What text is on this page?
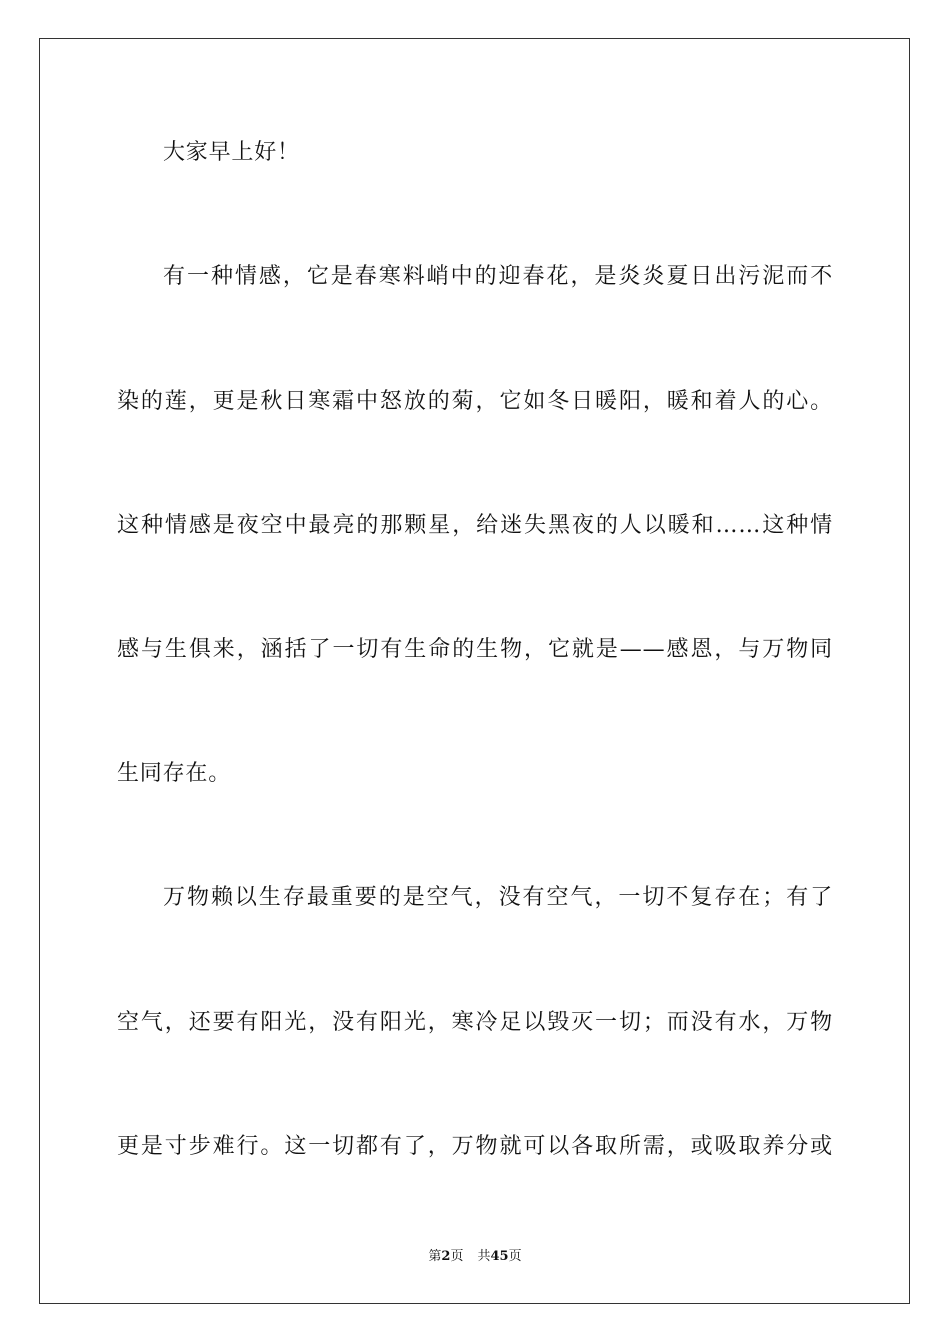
大家早上好！
有一种情感，它是春寒料峭中的迎春花，是炎炎夏日出污泥而不
染的莲，更是秋日寒霜中怒放的菊，它如冬日暖阳，暖和着人的心。
这种情感是夜空中最亮的那颗星，给迷失黑夜的人以暖和……这种情
感与生俱来，涵括了一切有生命的生物，它就是——感恩，与万物同
生同存在。
万物赖以生存最重要的是空气，没有空气，一切不复存在；有了
空气，还要有阳光，没有阳光，寒冷足以毁灭一切；而没有水，万物
更是寸步难行。这一切都有了，万物就可以各取所需，或吸取养分或
第2页 共45页
